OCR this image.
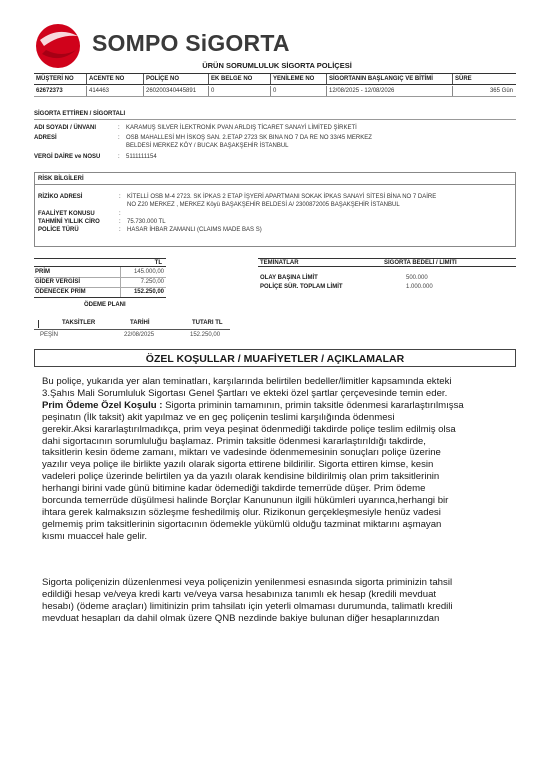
SOMPO SiGORTA
ÜRÜN SORUMLULUK SİGORTA POLİÇESİ
MÜŞTERİ NO	ACENTE NO	POLİÇE NO	EK BELGE NO	YENİLEME NO	SİGORTANIN BAŞLANGIÇ VE BİTİMİ	SÜRE
62672373	414463	260200340445891	0	0	12/08/2025 - 12/08/2026	365 Gün
SİGORTA ETTİREN / SİGORTALI
ADI SOYADI / ÜNVANI	: KARAMUŞ SILVER İLEKTRONİK PVAN ARLDIŞ TİCARET SANAYİ LİMİTED ŞİRKETİ
ADRESİ	: OSB MAHALLESİ MH İSKOŞ SAN. 2.ETAP 2723 SK BINA NO 7 DA RE NO 33/45 MERKEZ
BELDESİ MERKEZ KÖY / BUCAK BAŞAKŞEHİR İSTANBUL
VERGİ DAİRE ve NOSU	: 5111111154
RİSK BİLGİLERİ
RİZİKO ADRESİ	: KİTELLİ OSB M-4 2723. SK İPKAS 2 ETAP İŞYERİ APARTMANI SOKAK İPKAS SANAYİ SİTESİ BİNA NO 7 DAİRE
NO Z20 MERKEZ , MERKEZ Köyü BAŞAKŞEHİR BELDESİ A/ 2300872005 BAŞAKŞEHİR İSTANBUL
FAALİYET KONUSU	:
TAHMİNİ YILLIK CİRO	: 75.730.000 TL
POLİCE TÜRÜ	: HASAR İHBAR ZAMANLI (CLAIMS MADE BAS S)
TL
PRİM	145.000,00
GİDER VERGİSİ	7.250,00
ÖDENECEK PRİM	152.250,00
TEMİNATLAR	SİGORTA BEDELİ / LİMİTİ
OLAY BAŞINA LİMİT	500.000
POLİÇE SÜR. TOPLAM LİMİT	1.000.000
ÖDEME PLANI
TAKSİTLER	TARİHİ	TUTARI TL
PEŞİN	22/08/2025	152.250,00
ÖZEL KOŞULLAR / MUAFİYETLER / AÇIKLAMALAR
Bu poliçe, yukarıda yer alan teminatları, karşılarında belirtilen bedeller/limitler kapsamında ekteki
3.Şahıs Mali Sorumluluk Sigortası Genel Şartları ve ekteki özel şartlar çerçevesinde temin eder.
Prim Ödeme Özel Koşulu : Sigorta priminin tamamının, primin taksitle ödenmesi kararlaştırılmışsa
peşinatın (İlk taksit) akit yapılmaz ve en geç poliçenin teslimi karşılığında ödenmesi
gerekir.Aksi kararlaştırılmadıkça, prim veya peşinat ödenmediği takdirde poliçe teslim edilmiş olsa
dahi sigortacının sorumluluğu başlamaz. Primin taksitle ödenmesi kararlaştırıldığı takdirde,
taksitlerin kesin ödeme zamanı, miktarı ve vadesinde ödenmemesinin sonuçları poliçe üzerine
yazılır veya poliçe ile birlikte yazılı olarak sigorta ettirene bildirilir. Sigorta ettiren kimse, kesin
vadeleri poliçe üzerinde belirtilen ya da yazılı olarak kendisine bildirilmiş olan prim taksitlerinin
herhangi birini vade günü bitimine kadar ödemediği takdirde temerrüde düşer. Prim ödeme
borcunda temerrüde düşülmesi halinde Borçlar Kanununun ilgili hükümleri uyarınca,herhangi bir
ihtara gerek kalmaksızın sözleşme feshedilmiş olur. Rizikonun gerçekleşmesiyle henüz vadesi
gelmemiş prim taksitlerinin sigortacının ödemekle yükümlü olduğu tazminat miktarını aşmayan
kısmı muacceł hale gelir.
Sigorta poliçenizin düzenlenmesi veya poliçenizin yenilenmesi esnasında sigorta priminizin tahsil
edildiği hesap ve/veya kredi kartı ve/veya varsa hesabınıza tanımlı ek hesap (kredili mevduat
hesabı) (ödeme araçları) limitinizin prim tahsilatı için yeterli olmaması durumunda, talimatlı kredili
mevduat hesapları da dahil olmak üzere QNB nezdinde bakiye bulunan diğer hesaplarınızdan
